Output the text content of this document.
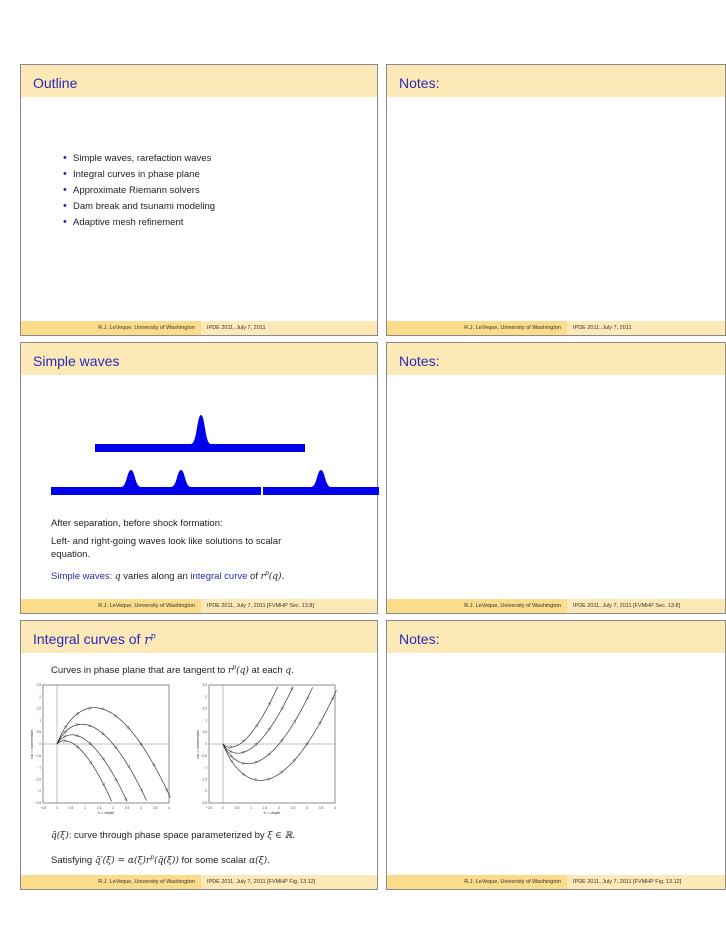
Outline
• Simple waves, rarefaction waves
• Integral curves in phase plane
• Approximate Riemann solvers
• Dam break and tsunami modeling
• Adaptive mesh refinement
R.J. LeVeque, University of Washington	IPDE 2011, July 7, 2011
Notes:
R.J. LeVeque, University of Washington	IPDE 2011, July 7, 2011
Simple waves
After separation, before shock formation:
Left- and right-going waves look like solutions to scalar
equation.
Simple waves: q varies along an integral curve of $r^p(q)$.
R.J. LeVeque, University of Washington	IPDE 2011, July 7, 2011 [FVMHP Sec. 13.8]
Notes:
R.J. LeVeque, University of Washington	IPDE 2011, July 7, 2011 [FVMHP Sec. 13.8]
Integral curves of $r^p$
Curves in phase plane that are tangent to $r^p(q)$ at each q.
−0.5	0	0.5	1	1.5	2	2.5	3	3.5	4
2.5
2
1.5
1
0.5
0
−0.5
−1
−1.5
−2
−2.5
h = depth
hu = momentum
−0.5	0	0.5	1	1.5	2	2.5	3	3.5	4
2.5
2
1.5
1
0.5
0
−0.5
−1
−1.5
−2
−2.5
h = depth
hu = momentum
q̃(ξ): curve through phase space parameterized by ξ ∈ ℝ.
Satisfying q̃′(ξ) = $\alpha(\xi)r^p(q̃(\xi))$ for some scalar α(ξ).
R.J. LeVeque, University of Washington	IPDE 2011, July 7, 2011 [FVMHP Fig. 13.12]
Notes:
R.J. LeVeque, University of Washington	IPDE 2011, July 7, 2011 [FVMHP Fig. 13.12]
